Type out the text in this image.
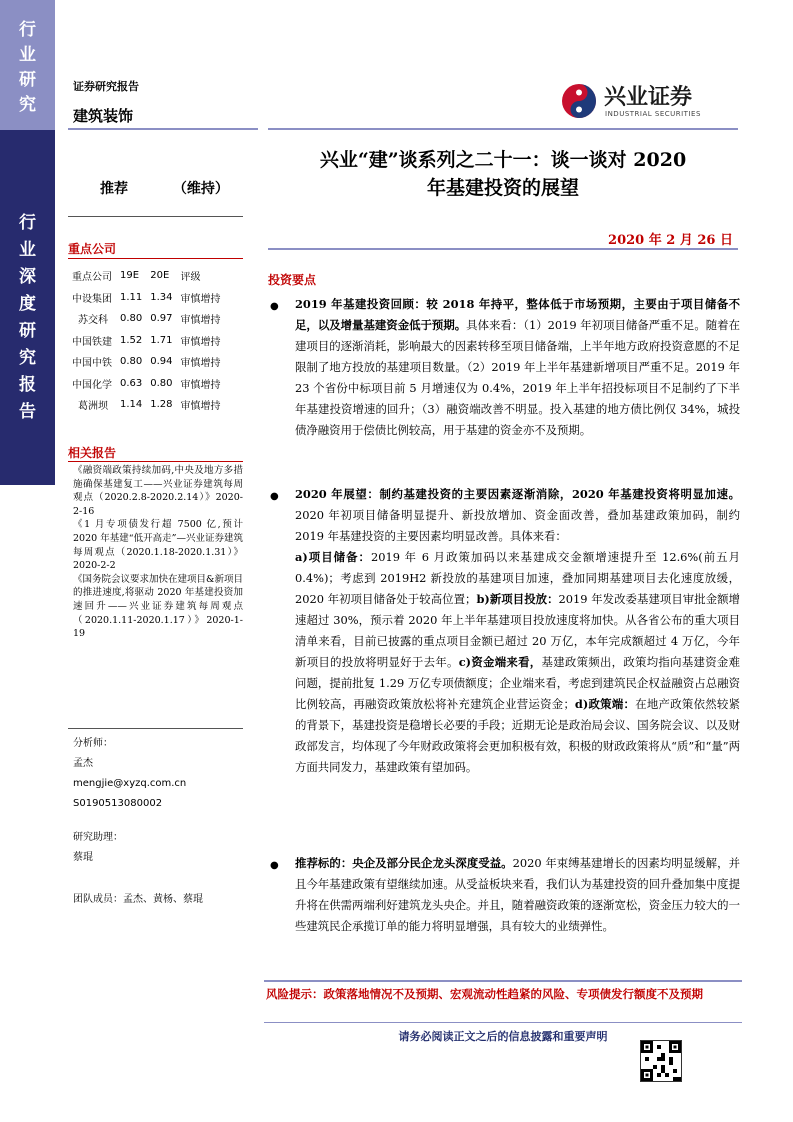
行
业
研
究
行
业
深
度
研
究
报
告
证券研究报告
建筑装饰
兴业证券
INDUSTRIAL SECURITIES
兴业“建”谈系列之二十一：谈一谈对 2020
年基建投资的展望
2020 年 2 月 26 日
推荐	（维持）
重点公司
重点公司	19E	20E	评级
中设集团	1.11	1.34	审慎增持
苏交科	0.80	0.97	审慎增持
中国铁建	1.52	1.71	审慎增持
中国中铁	0.80	0.94	审慎增持
中国化学	0.63	0.80	审慎增持
葛洲坝	1.14	1.28	审慎增持
相关报告

《融资端政策持续加码,中央及地方多措施确保基建复工——兴业证券建筑每周观点（2020.2.8-2020.2.14）》2020-2-16

《1 月专项债发行超 7500 亿,预计 2020 年基建“低开高走”—兴业证券建筑每周观点（2020.1.18-2020.1.31）》2020-2-2

《国务院会议要求加快在建项目&新项目的推进速度,将驱动 2020 年基建投资加速回升——兴业证券建筑每周观点（2020.1.11-2020.1.17）》2020-1-19

分析师：
孟杰
mengjie@xyzq.com.cn
S0190513080002
研究助理：
蔡琨
团队成员：孟杰、黄杨、蔡琨
投资要点
● 2019 年基建投资回顾：较 2018 年持平，整体低于市场预期，主要由于项目储备不足，以及增量基建资金低于预期。具体来看：（1）2019 年初项目储备严重不足。随着在建项目的逐渐消耗，影响最大的因素转移至项目储备端，上半年地方政府投资意愿的不足限制了地方投放的基建项目数量。（2）2019 年上半年基建新增项目严重不足。2019 年 23 个省份中标项目前 5 月增速仅为 0.4%，2019 年上半年招投标项目不足制约了下半年基建投资增速的回升；（3）融资端改善不明显。投入基建的地方债比例仅 34%，城投债净融资用于偿债比例较高，用于基建的资金亦不及预期。
● 2020 年展望：制约基建投资的主要因素逐渐消除，2020 年基建投资将明显加速。2020 年初项目储备明显提升、新投放增加、资金面改善，叠加基建政策加码，制约 2019 年基建投资的主要因素均明显改善。具体来看：
a)项目储备：2019 年 6 月政策加码以来基建成交金额增速提升至 12.6%(前五月 0.4%)；考虑到 2019H2 新投放的基建项目加速，叠加同期基建项目去化速度放缓，2020 年初项目储备处于较高位置；b)新项目投放：2019 年发改委基建项目审批金额增速超过 30%，预示着 2020 年上半年基建项目投放速度将加快。从各省公布的重大项目清单来看，目前已披露的重点项目金额已超过 20 万亿，本年完成额超过 4 万亿，今年新项目的投放将明显好于去年。c)资金端来看，基建政策频出，政策均指向基建资金难问题，提前批复 1.29 万亿专项债额度；企业端来看，考虑到建筑民企权益融资占总融资比例较高，再融资政策放松将补充建筑企业营运资金；d)政策端：在地产政策依然较紧的背景下，基建投资是稳增长必要的手段；近期无论是政治局会议、国务院会议、以及财政部发言，均体现了今年财政政策将会更加积极有效，积极的财政政策将从“质”和“量”两方面共同发力，基建政策有望加码。
● 推荐标的：央企及部分民企龙头深度受益。2020 年束缚基建增长的因素均明显缓解，并且今年基建政策有望继续加速。从受益板块来看，我们认为基建投资的回升叠加集中度提升将在供需两端利好建筑龙头央企。并且，随着融资政策的逐渐宽松，资金压力较大的一些建筑民企承揽订单的能力将明显增强，具有较大的业绩弹性。
风险提示：政策落地情况不及预期、宏观流动性趋紧的风险、专项债发行额度不及预期
请务必阅读正文之后的信息披露和重要声明
